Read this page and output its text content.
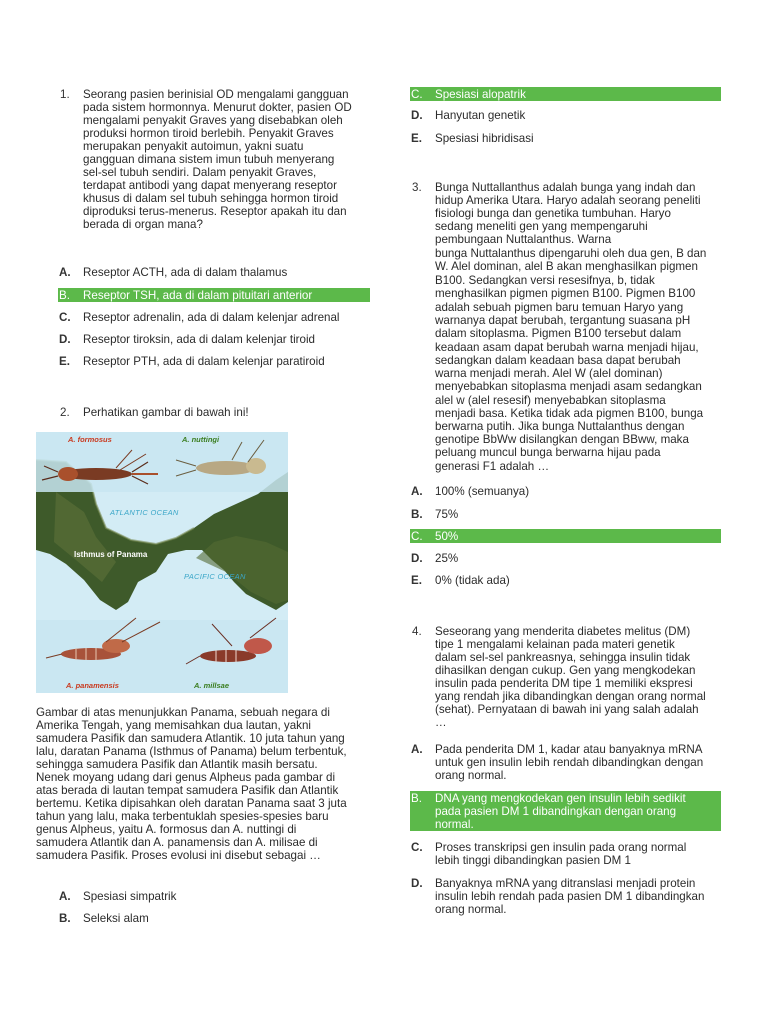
1. Seorang pasien berinisial OD mengalami gangguan
pada sistem hormonnya. Menurut dokter, pasien OD
mengalami penyakit Graves yang disebabkan oleh
produksi hormon tiroid berlebih. Penyakit Graves
merupakan penyakit autoimun, yakni suatu
gangguan dimana sistem imun tubuh menyerang
sel-sel tubuh sendiri. Dalam penyakit Graves,
terdapat antibodi yang dapat menyerang reseptor
khusus di dalam sel tubuh sehingga hormon tiroid
diproduksi terus-menerus. Reseptor apakah itu dan
berada di organ mana?
A. Reseptor ACTH, ada di dalam thalamus
B. Reseptor TSH, ada di dalam pituitari anterior
C. Reseptor adrenalin, ada di dalam kelenjar adrenal
D. Reseptor tiroksin, ada di dalam kelenjar tiroid
E. Reseptor PTH, ada di dalam kelenjar paratiroid
2. Perhatikan gambar di bawah ini!
A. formosus	A. nuttingi
ATLANTIC OCEAN
Isthmus of Panama
PACIFIC OCEAN
A. panamensis	A. millsae
Gambar di atas menunjukkan Panama, sebuah negara di
Amerika Tengah, yang memisahkan dua lautan, yakni
samudera Pasifik dan samudera Atlantik. 10 juta tahun yang
lalu, daratan Panama (Isthmus of Panama) belum terbentuk,
sehingga samudera Pasifik dan Atlantik masih bersatu.
Nenek moyang udang dari genus Alpheus pada gambar di
atas berada di lautan tempat samudera Pasifik dan Atlantik
bertemu. Ketika dipisahkan oleh daratan Panama saat 3 juta
tahun yang lalu, maka terbentuklah spesies-spesies baru
genus Alpheus, yaitu A. formosus dan A. nuttingi di
samudera Atlantik dan A. panamensis dan A. milisae di
samudera Pasifik. Proses evolusi ini disebut sebagai …
A. Spesiasi simpatrik
B. Seleksi alam
C. Spesiasi alopatrik
D. Hanyutan genetik
E. Spesiasi hibridisasi
3. Bunga Nuttallanthus adalah bunga yang indah dan
hidup Amerika Utara. Haryo adalah seorang peneliti
fisiologi bunga dan genetika tumbuhan. Haryo
sedang meneliti gen yang mempengaruhi
pembungaan Nuttalanthus. Warna
bunga Nuttalanthus dipengaruhi oleh dua gen, B dan
W. Alel dominan, alel B akan menghasilkan pigmen
B100. Sedangkan versi resesifnya, b, tidak
menghasilkan pigmen pigmen B100. Pigmen B100
adalah sebuah pigmen baru temuan Haryo yang
warnanya dapat berubah, tergantung suasana pH
dalam sitoplasma. Pigmen B100 tersebut dalam
keadaan asam dapat berubah warna menjadi hijau,
sedangkan dalam keadaan basa dapat berubah
warna menjadi merah. Alel W (alel dominan)
menyebabkan sitoplasma menjadi asam sedangkan
alel w (alel resesif) menyebabkan sitoplasma
menjadi basa. Ketika tidak ada pigmen B100, bunga
berwarna putih. Jika bunga Nuttalanthus dengan
genotipe BbWw disilangkan dengan BBww, maka
peluang muncul bunga berwarna hijau pada
generasi F1 adalah …
A. 100% (semuanya)
B. 75%
C. 50%
D. 25%
E. 0% (tidak ada)
4. Seseorang yang menderita diabetes melitus (DM)
tipe 1 mengalami kelainan pada materi genetik
dalam sel-sel pankreasnya, sehingga insulin tidak
dihasilkan dengan cukup. Gen yang mengkodekan
insulin pada penderita DM tipe 1 memiliki ekspresi
yang rendah jika dibandingkan dengan orang normal
(sehat). Pernyataan di bawah ini yang salah adalah
…
A. Pada penderita DM 1, kadar atau banyaknya mRNA
untuk gen insulin lebih rendah dibandingkan dengan
orang normal.
B. DNA yang mengkodekan gen insulin lebih sedikit
pada pasien DM 1 dibandingkan dengan orang
normal.
C. Proses transkripsi gen insulin pada orang normal
lebih tinggi dibandingkan pasien DM 1
D. Banyaknya mRNA yang ditranslasi menjadi protein
insulin lebih rendah pada pasien DM 1 dibandingkan
orang normal.
